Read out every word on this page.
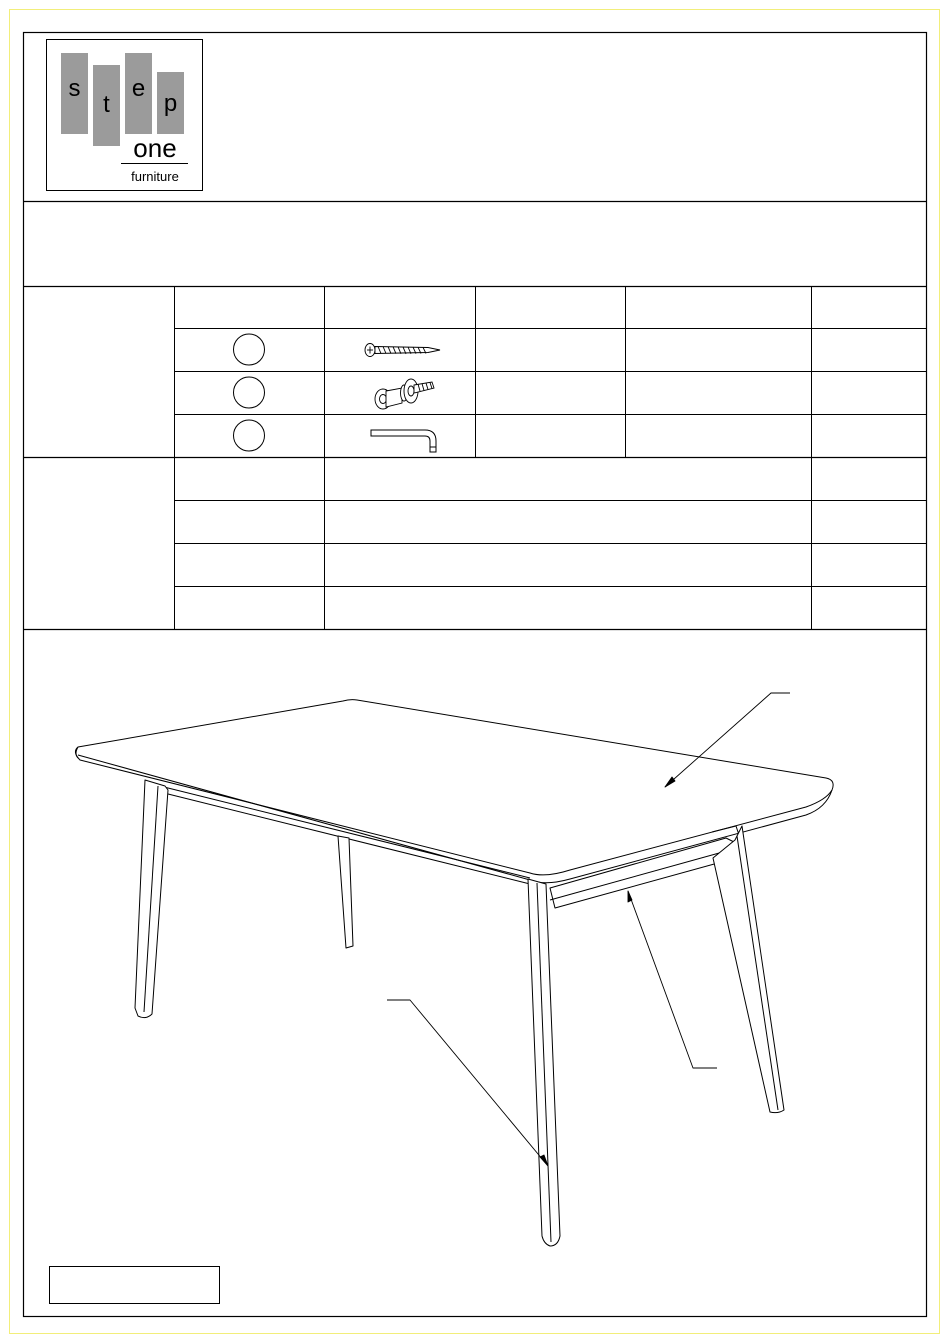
s
t
e
p
one
furniture
